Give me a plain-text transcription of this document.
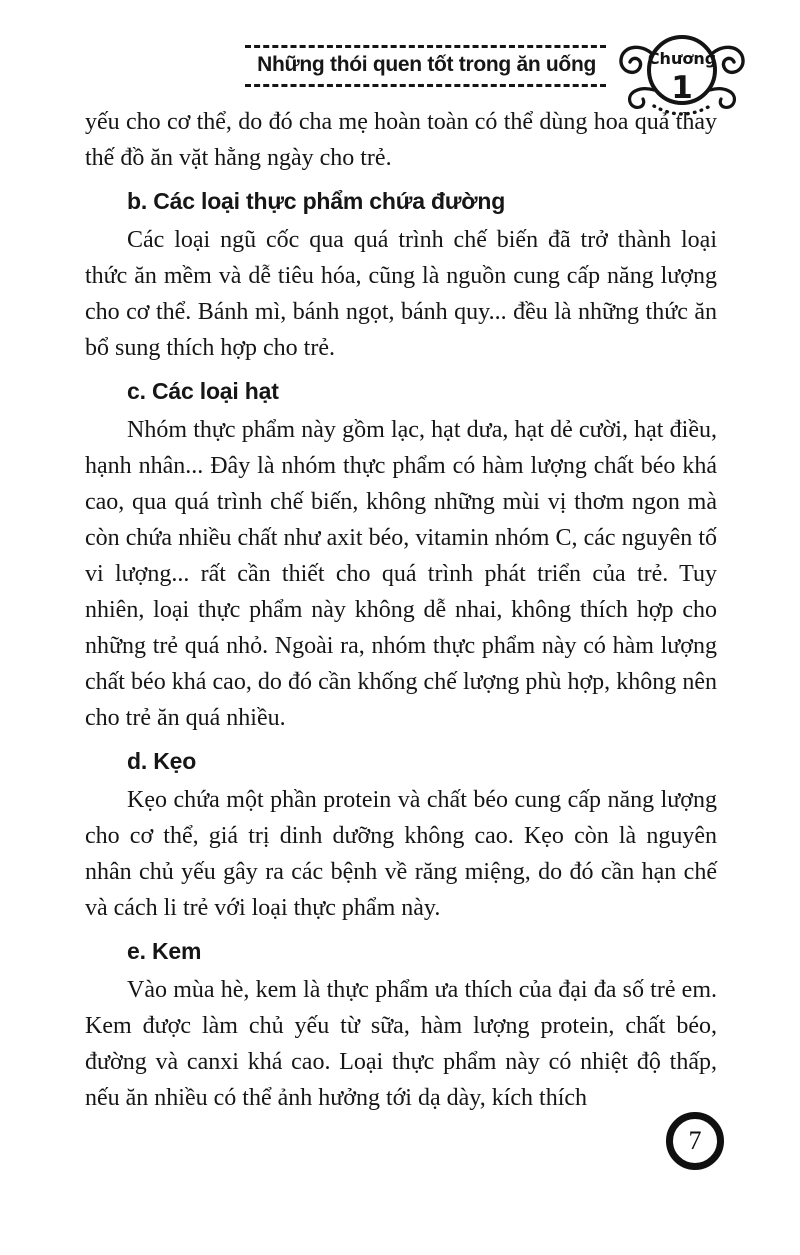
Những thói quen tốt trong ăn uống	Chương
1

yếu cho cơ thể, do đó cha mẹ hoàn toàn có thể dùng hoa quả thay thế đồ ăn vặt hằng ngày cho trẻ.

b. Các loại thực phẩm chứa đường

Các loại ngũ cốc qua quá trình chế biến đã trở thành loại thức ăn mềm và dễ tiêu hóa, cũng là nguồn cung cấp năng lượng cho cơ thể. Bánh mì, bánh ngọt, bánh quy... đều là những thức ăn bổ sung thích hợp cho trẻ.

c. Các loại hạt

Nhóm thực phẩm này gồm lạc, hạt dưa, hạt dẻ cười, hạt điều, hạnh nhân... Đây là nhóm thực phẩm có hàm lượng chất béo khá cao, qua quá trình chế biến, không những mùi vị thơm ngon mà còn chứa nhiều chất như axit béo, vitamin nhóm C, các nguyên tố vi lượng... rất cần thiết cho quá trình phát triển của trẻ. Tuy nhiên, loại thực phẩm này không dễ nhai, không thích hợp cho những trẻ quá nhỏ. Ngoài ra, nhóm thực phẩm này có hàm lượng chất béo khá cao, do đó cần khống chế lượng phù hợp, không nên cho trẻ ăn quá nhiều.

d. Kẹo

Kẹo chứa một phần protein và chất béo cung cấp năng lượng cho cơ thể, giá trị dinh dưỡng không cao. Kẹo còn là nguyên nhân chủ yếu gây ra các bệnh về răng miệng, do đó cần hạn chế và cách li trẻ với loại thực phẩm này.

e. Kem

Vào mùa hè, kem là thực phẩm ưa thích của đại đa số trẻ em. Kem được làm chủ yếu từ sữa, hàm lượng protein, chất béo, đường và canxi khá cao. Loại thực phẩm này có nhiệt độ thấp, nếu ăn nhiều có thể ảnh hưởng tới dạ dày, kích thích

7
